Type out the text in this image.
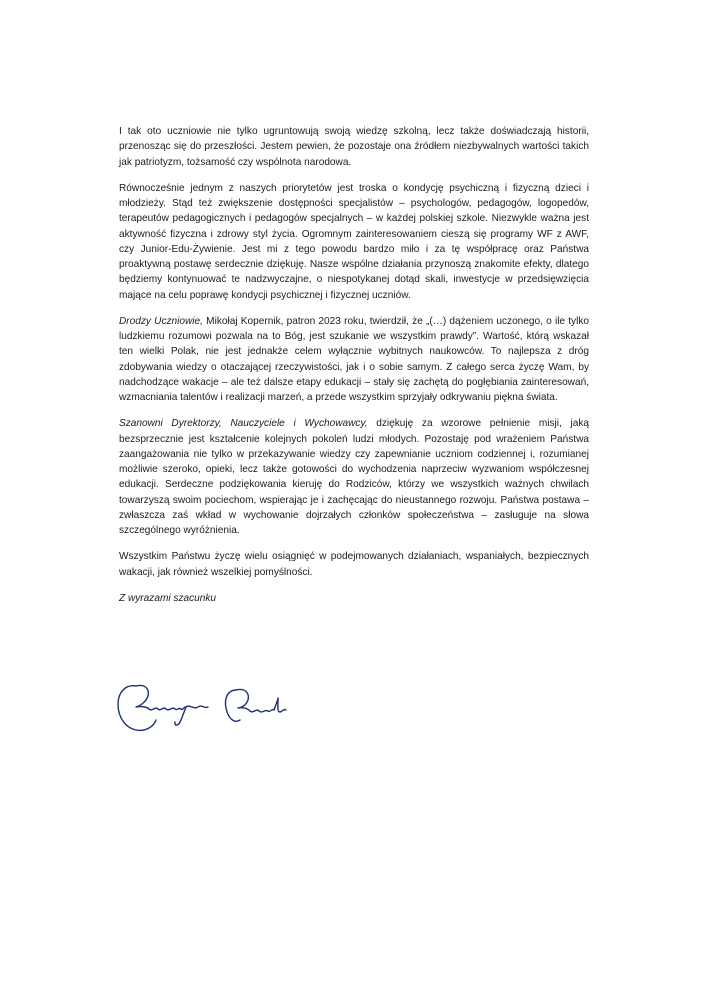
I tak oto uczniowie nie tylko ugruntowują swoją wiedzę szkolną, lecz także doświadczają historii, przenosząc się do przeszłości. Jestem pewien, że pozostaje ona źródłem niezbywalnych wartości takich jak patriotyzm, tożsamość czy wspólnota narodowa.

Równocześnie jednym z naszych priorytetów jest troska o kondycję psychiczną i fizyczną dzieci i młodzieży. Stąd też zwiększenie dostępności specjalistów – psychologów, pedagogów, logopedów, terapeutów pedagogicznych i pedagogów specjalnych – w każdej polskiej szkole. Niezwykle ważna jest aktywność fizyczna i zdrowy styl życia. Ogromnym zainteresowaniem cieszą się programy WF z AWF, czy Junior-Edu-Żywienie. Jest mi z tego powodu bardzo miło i za tę współpracę oraz Państwa proaktywną postawę serdecznie dziękuję. Nasze wspólne działania przynoszą znakomite efekty, dlatego będziemy kontynuować te nadzwyczajne, o niespotykanej dotąd skali, inwestycje w przedsięwzięcia mające na celu poprawę kondycji psychicznej i fizycznej uczniów.

Drodzy Uczniowie, Mikołaj Kopernik, patron 2023 roku, twierdził, że „(…) dążeniem uczonego, o ile tylko ludzkiemu rozumowi pozwala na to Bóg, jest szukanie we wszystkim prawdy”. Wartość, którą wskazał ten wielki Polak, nie jest jednakże celem wyłącznie wybitnych naukowców. To najlepsza z dróg zdobywania wiedzy o otaczającej rzeczywistości, jak i o sobie samym. Z całego serca życzę Wam, by nadchodzące wakacje – ale też dalsze etapy edukacji – stały się zachętą do pogłębiania zainteresowań, wzmacniania talentów i realizacji marzeń, a przede wszystkim sprzyjały odkrywaniu piękna świata.

Szanowni Dyrektorzy, Nauczyciele i Wychowawcy, dziękuję za wzorowe pełnienie misji, jaką bezsprzecznie jest kształcenie kolejnych pokoleń ludzi młodych. Pozostaję pod wrażeniem Państwa zaangażowania nie tylko w przekazywanie wiedzy czy zapewnianie uczniom codziennej i, rozumianej możliwie szeroko, opieki, lecz także gotowości do wychodzenia naprzeciw wyzwaniom współczesnej edukacji. Serdeczne podziękowania kieruję do Rodziców, którzy we wszystkich ważnych chwilach towarzyszą swoim pociechom, wspierając je i zachęcając do nieustannego rozwoju. Państwa postawa – zwłaszcza zaś wkład w wychowanie dojrzałych członków społeczeństwa – zasługuje na słowa szczególnego wyróżnienia.

Wszystkim Państwu życzę wielu osiągnięć w podejmowanych działaniach, wspaniałych, bezpiecznych wakacji, jak również wszelkiej pomyślności.

Z wyrazami szacunku
